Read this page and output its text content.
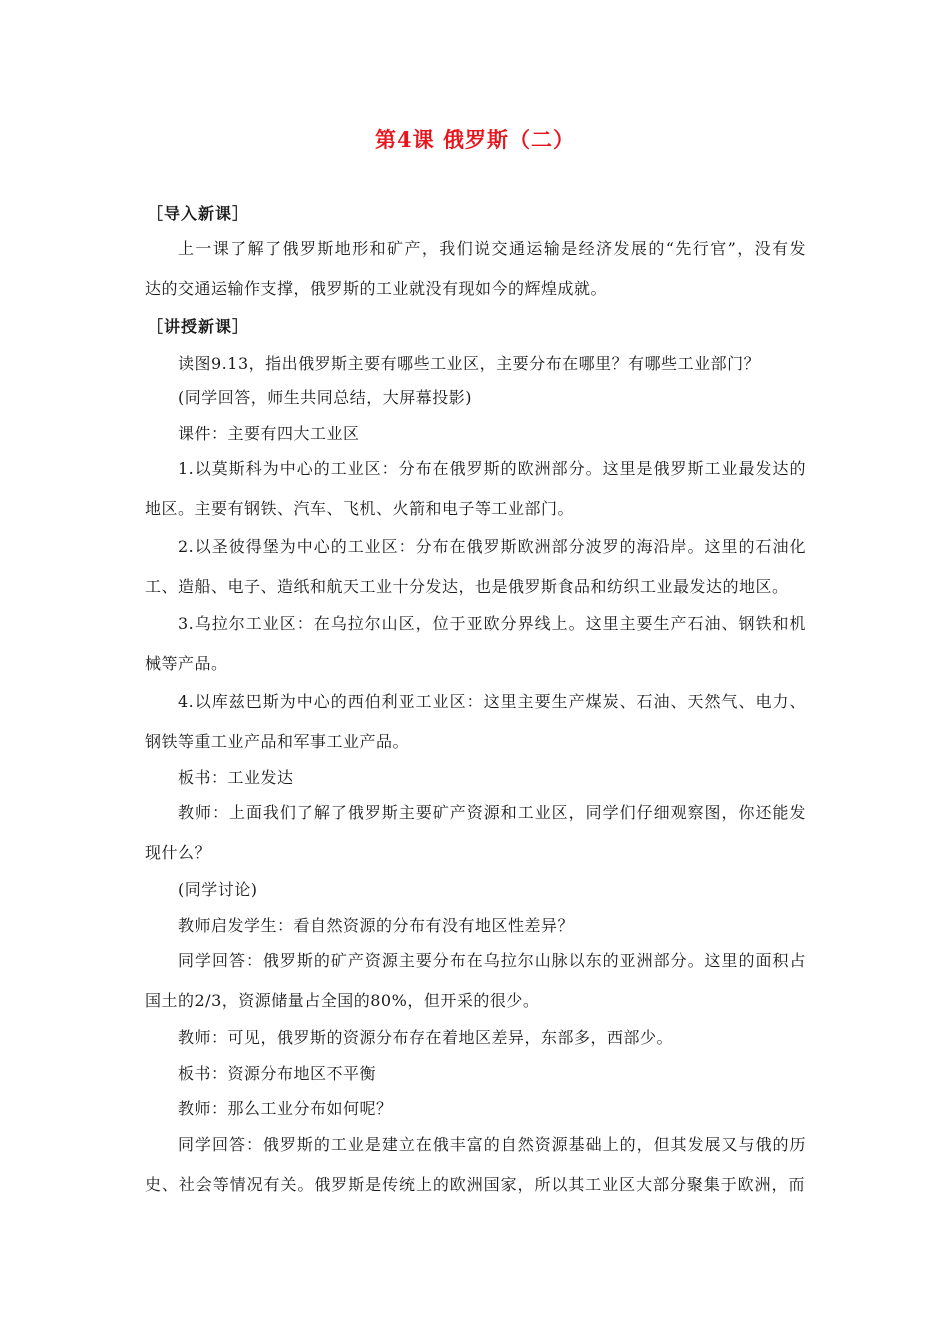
第4课 俄罗斯（二）
［导入新课］
上一课了解了俄罗斯地形和矿产，我们说交通运输是经济发展的“先行官”，没有发
达的交通运输作支撑，俄罗斯的工业就没有现如今的辉煌成就。
［讲授新课］
读图9.13，指出俄罗斯主要有哪些工业区，主要分布在哪里？有哪些工业部门？
(同学回答，师生共同总结，大屏幕投影)
课件：主要有四大工业区
1.以莫斯科为中心的工业区：分布在俄罗斯的欧洲部分。这里是俄罗斯工业最发达的
地区。主要有钢铁、汽车、飞机、火箭和电子等工业部门。
2.以圣彼得堡为中心的工业区：分布在俄罗斯欧洲部分波罗的海沿岸。这里的石油化
工、造船、电子、造纸和航天工业十分发达，也是俄罗斯食品和纺织工业最发达的地区。
3.乌拉尔工业区：在乌拉尔山区，位于亚欧分界线上。这里主要生产石油、钢铁和机
械等产品。
4.以库兹巴斯为中心的西伯利亚工业区：这里主要生产煤炭、石油、天然气、电力、
钢铁等重工业产品和军事工业产品。
板书：工业发达
教师：上面我们了解了俄罗斯主要矿产资源和工业区，同学们仔细观察图，你还能发
现什么？
(同学讨论)
教师启发学生：看自然资源的分布有没有地区性差异？
同学回答：俄罗斯的矿产资源主要分布在乌拉尔山脉以东的亚洲部分。这里的面积占
国土的2/3，资源储量占全国的80%，但开采的很少。
教师：可见，俄罗斯的资源分布存在着地区差异，东部多，西部少。
板书：资源分布地区不平衡
教师：那么工业分布如何呢？
同学回答：俄罗斯的工业是建立在俄丰富的自然资源基础上的，但其发展又与俄的历
史、社会等情况有关。俄罗斯是传统上的欧洲国家，所以其工业区大部分聚集于欧洲，而
